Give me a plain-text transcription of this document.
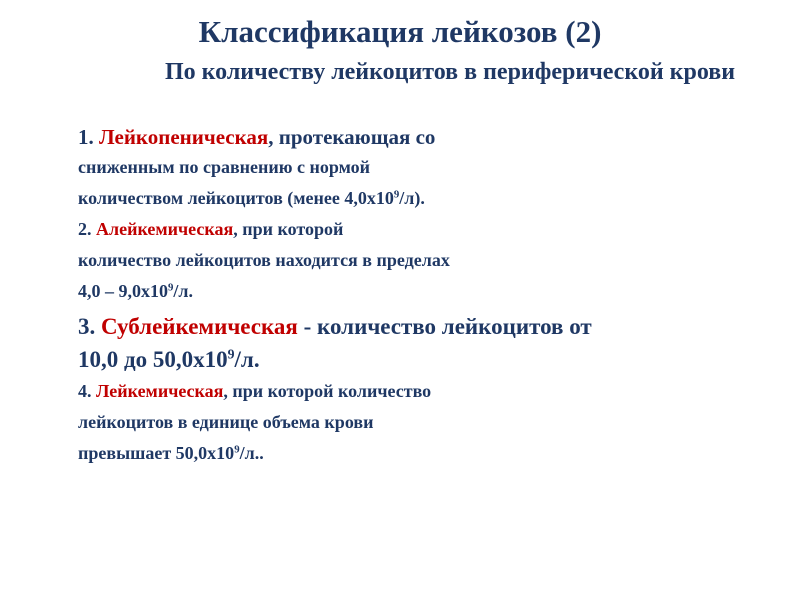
Классификация лейкозов (2)
По количеству лейкоцитов в периферической крови
1. Лейкопеническая, протекающая со
сниженным по сравнению с нормой
количеством лейкоцитов (менее $4,0х10^9/л$).
2. Алейкемическая, при которой
количество лейкоцитов находится в пределах
$4,0 - 9,0х10^9/л$.
3. Сублейкемическая - количество лейкоцитов от
10,0 до $50,0х10^9/л$.
4. Лейкемическая, при которой количество
лейкоцитов в единице объема крови
превышает $50,0х10^9/л$..
